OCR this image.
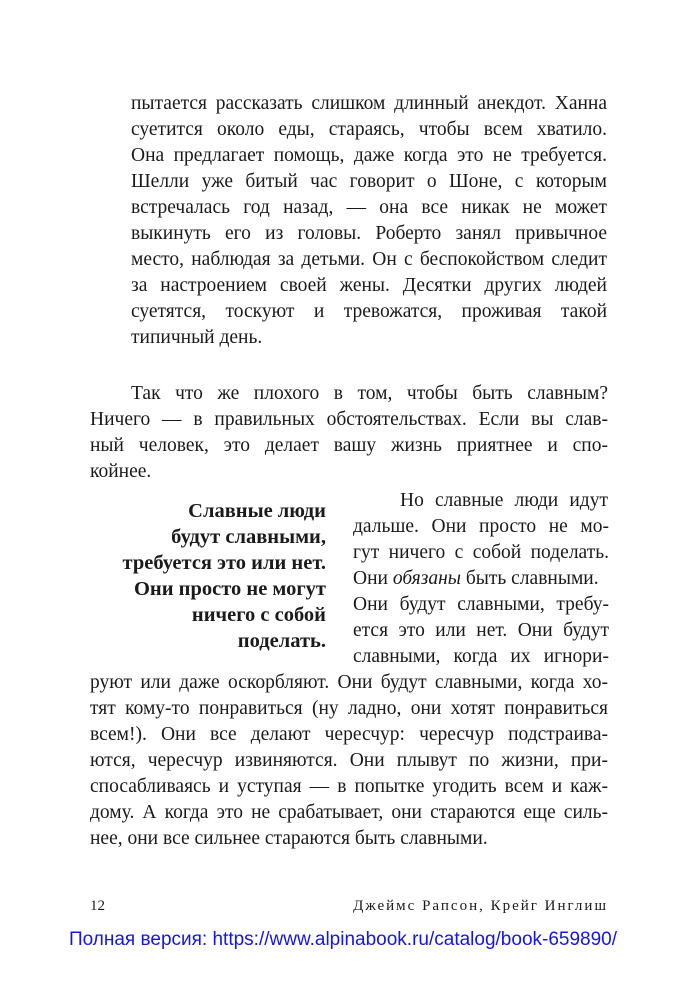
пытается рассказать слишком длинный анекдот. Ханна
суетится около еды, стараясь, чтобы всем хватило.
Она предлагает помощь, даже когда это не требуется.
Шелли уже битый час говорит о Шоне, с которым
встречалась год назад, — она все никак не может
выкинуть его из головы. Роберто занял привычное
место, наблюдая за детьми. Он с беспокойством следит
за настроением своей жены. Десятки других людей
суетятся, тоскуют и тревожатся, проживая такой
типичный день.
Так что же плохого в том, чтобы быть славным?
Ничего — в правильных обстоятельствах. Если вы слав-
ный человек, это делает вашу жизнь приятнее и спо-
койнее.
Славные люди
будут славными,
требуется это или нет.
Они просто не могут
ничего с собой
поделать.
Но славные люди идут
дальше. Они просто не мо-
гут ничего с собой поделать.
Они обязаны быть славными.
Они будут славными, требу-
ется это или нет. Они будут
славными, когда их игнори-
руют или даже оскорбляют. Они будут славными, когда хо-
тят кому-то понравиться (ну ладно, они хотят понравиться
всем!). Они все делают чересчур: чересчур подстраива-
ются, чересчур извиняются. Они плывут по жизни, при-
спосабливаясь и уступая — в попытке угодить всем и каж-
дому. А когда это не срабатывает, они стараются еще силь-
нее, они все сильнее стараются быть славными.
12	Джеймс Рапсон, Крейг Инглиш
Полная версия: https://www.alpinabook.ru/catalog/book-659890/
